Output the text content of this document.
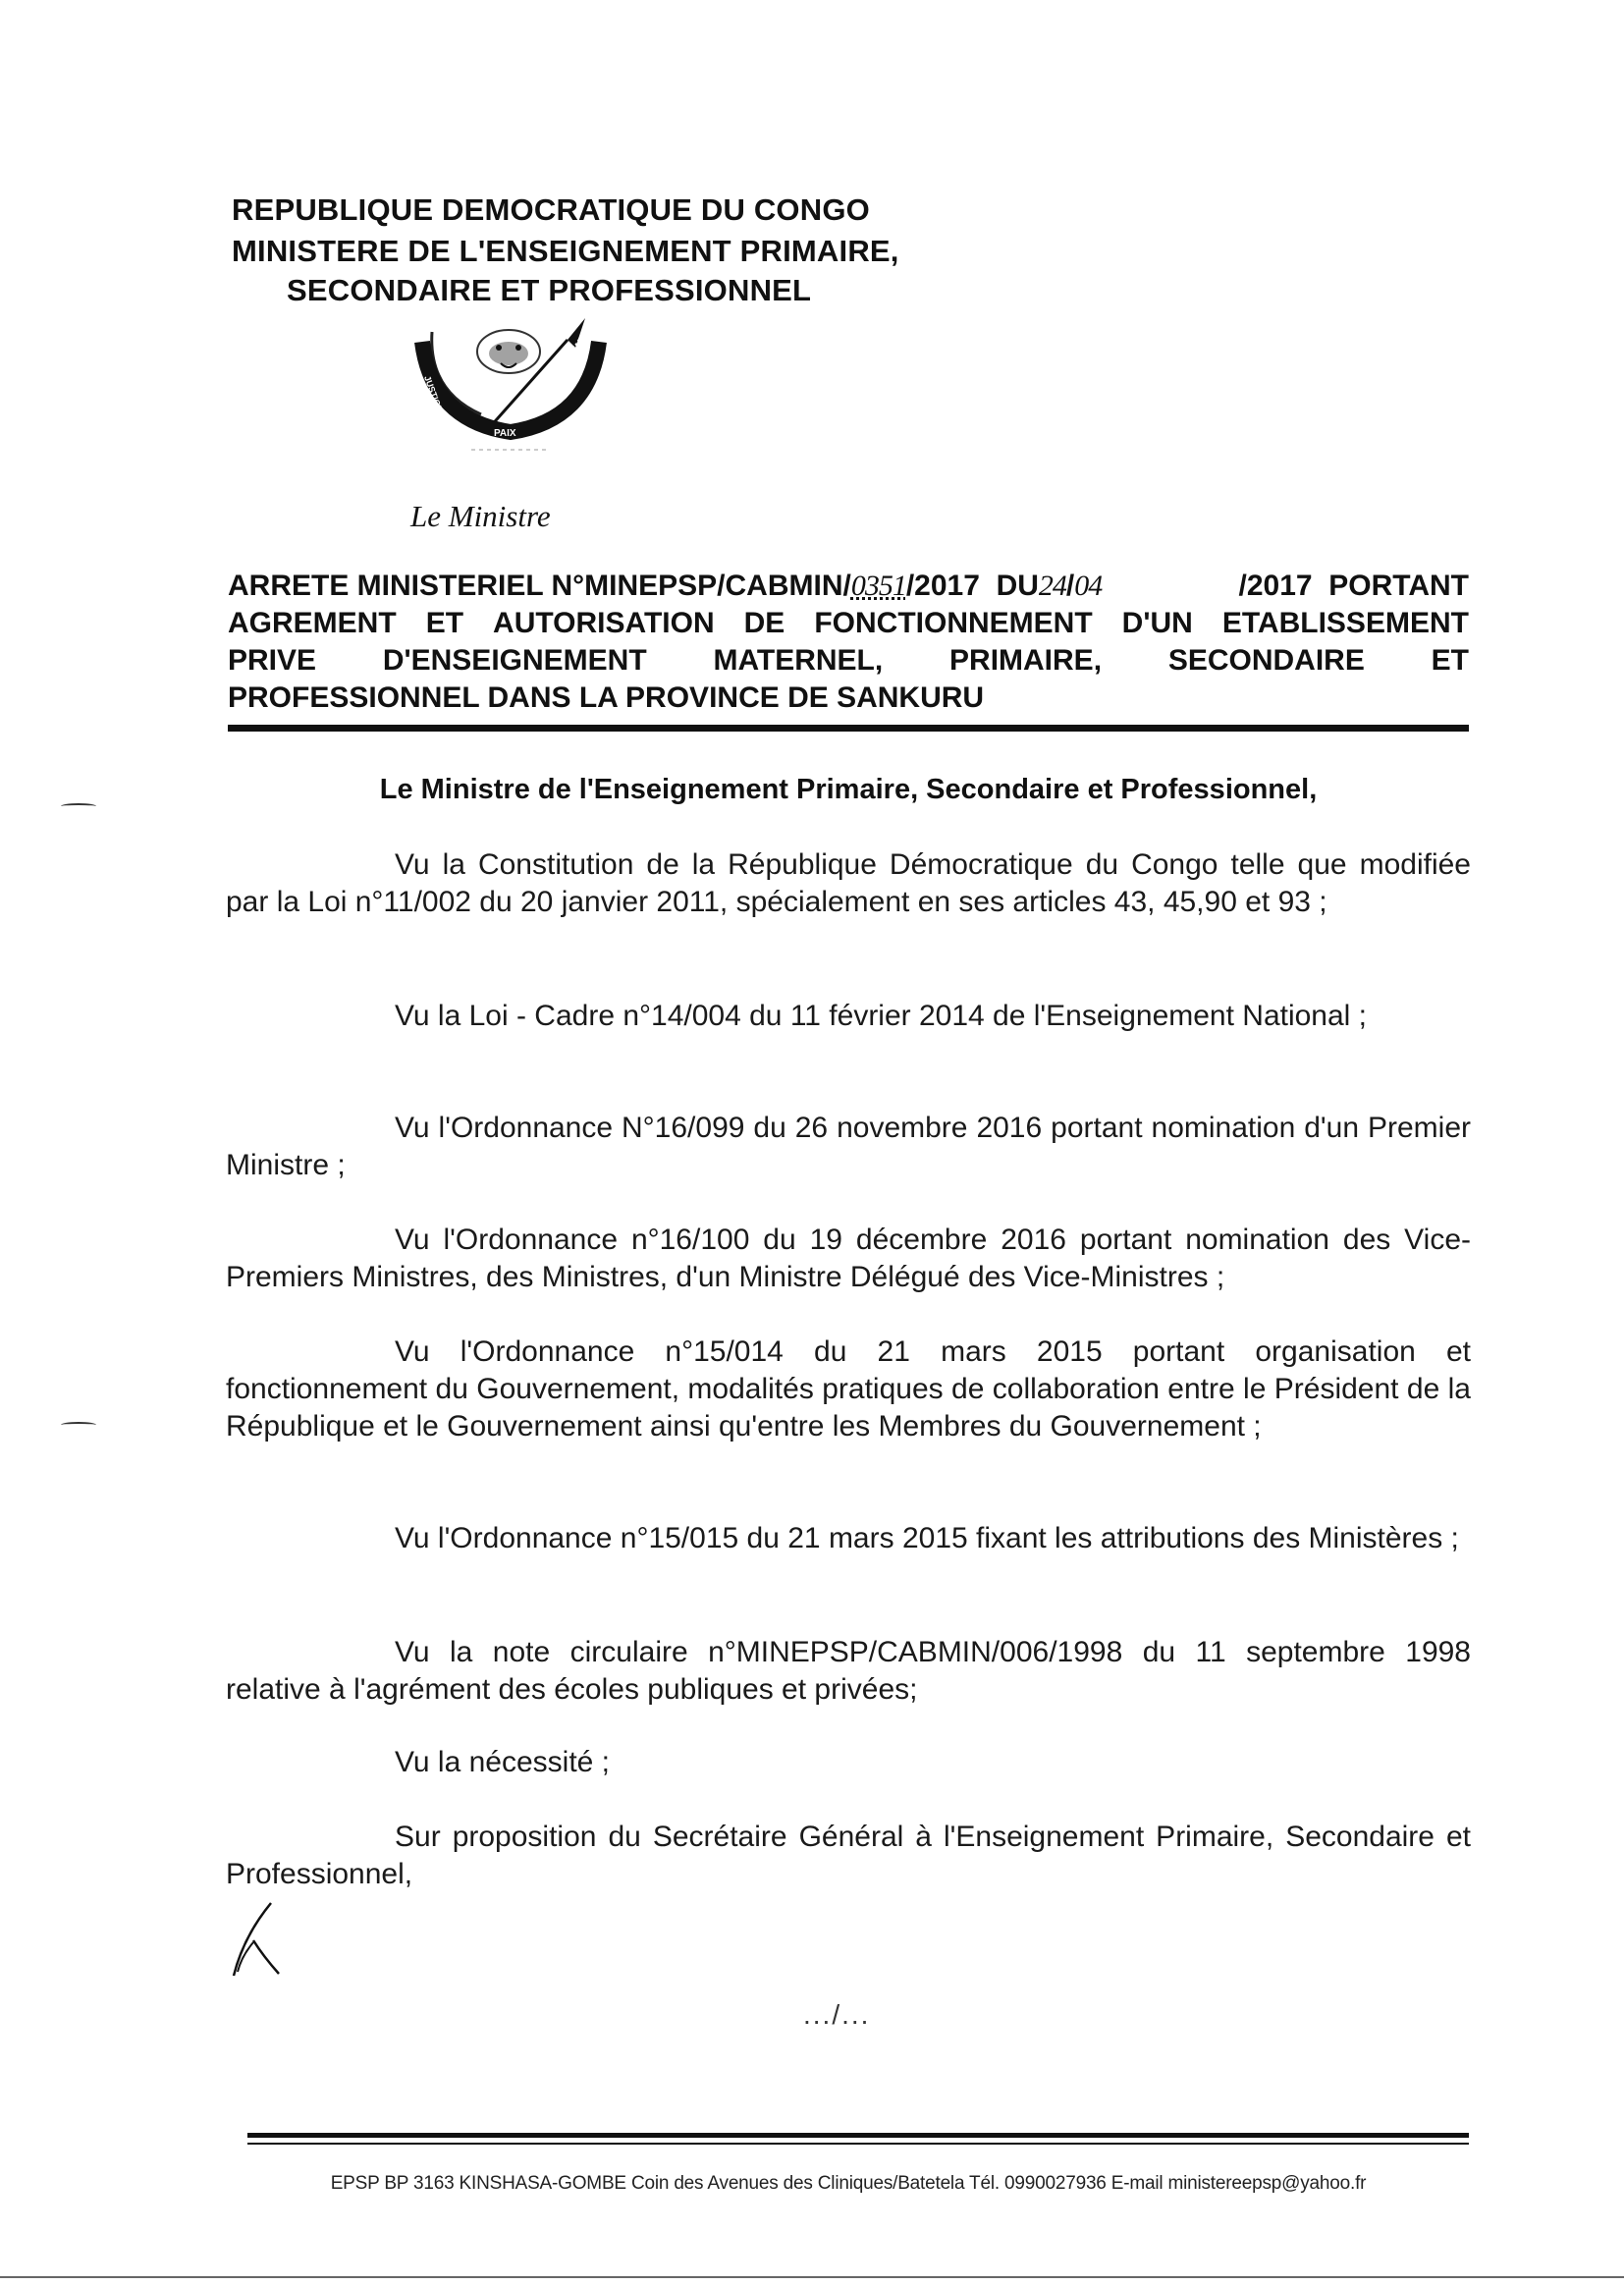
REPUBLIQUE DEMOCRATIQUE DU CONGO
MINISTERE DE L'ENSEIGNEMENT PRIMAIRE,
SECONDAIRE ET PROFESSIONNEL
JUSTICE
PAIX
TRAVAIL
Le Ministre
ARRETE MINISTERIEL N°MINEPSP/CABMIN/ 0351 /2017  DU 24 / 04	/2017  PORTANT
AGREMENT ET AUTORISATION DE FONCTIONNEMENT D'UN ETABLISSEMENT
PRIVE D'ENSEIGNEMENT MATERNEL, PRIMAIRE, SECONDAIRE ET
PROFESSIONNEL DANS LA PROVINCE DE SANKURU
Le Ministre de l'Enseignement Primaire, Secondaire et Professionnel,

Vu la Constitution de la République Démocratique du Congo telle que modifiée par la Loi n°11/002 du 20 janvier 2011, spécialement en ses articles 43, 45,90 et 93 ;

Vu la Loi - Cadre n°14/004 du 11 février 2014 de l'Enseignement National ;

Vu l'Ordonnance N°16/099 du 26 novembre 2016 portant nomination d'un Premier Ministre ;

Vu l'Ordonnance n°16/100 du 19 décembre 2016 portant nomination des Vice-Premiers Ministres, des Ministres, d'un Ministre Délégué des Vice-Ministres ;

Vu l'Ordonnance n°15/014 du 21 mars 2015 portant organisation et fonctionnement du Gouvernement, modalités pratiques de collaboration entre le Président de la République et le Gouvernement ainsi qu'entre les Membres du Gouvernement ;

Vu l'Ordonnance n°15/015 du 21 mars 2015 fixant les attributions des Ministères ;

Vu la note circulaire n°MINEPSP/CABMIN/006/1998 du 11 septembre 1998 relative à l'agrément des écoles publiques et privées;

Vu la nécessité ;

Sur proposition du Secrétaire Général à l'Enseignement Primaire, Secondaire et Professionnel,

.../...
EPSP BP 3163 KINSHASA-GOMBE Coin des Avenues des Cliniques/Batetela Tél. 0990027936 E-mail ministereepsp@yahoo.fr
